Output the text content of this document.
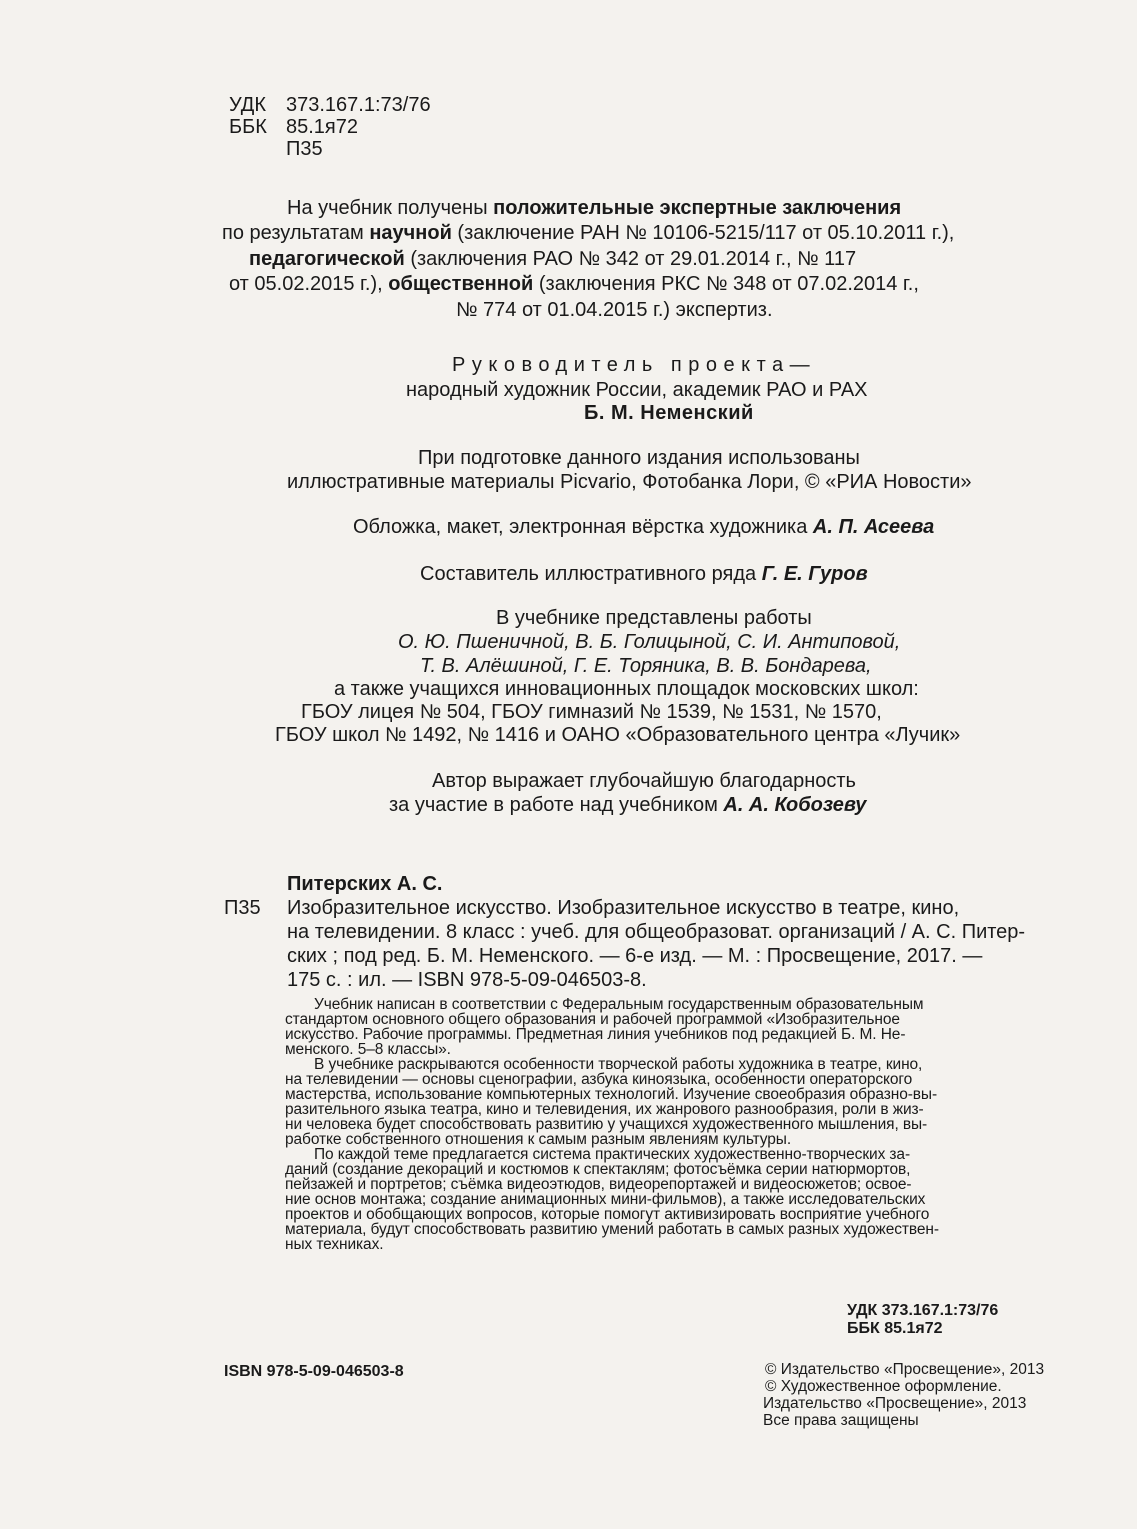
УДК 373.167.1:73/76
ББК 85.1я72
П35
На учебник получены положительные экспертные заключения
по результатам научной (заключение РАН № 10106-5215/117 от 05.10.2011 г.),
педагогической (заключения РАО № 342 от 29.01.2014 г., № 117
от 05.02.2015 г.), общественной (заключения РКС № 348 от 07.02.2014 г.,
№ 774 от 01.04.2015 г.) экспертиз.
Руководитель проекта—
народный художник России, академик РАО и РАХ
Б. М. Неменский
При подготовке данного издания использованы
иллюстративные материалы Picvario, Фотобанка Лори, © «РИА Новости»
Обложка, макет, электронная вёрстка художника А. П. Асеева
Составитель иллюстративного ряда Г. Е. Гуров
В учебнике представлены работы
О. Ю. Пшеничной, В. Б. Голицыной, С. И. Антиповой,
Т. В. Алёшиной, Г. Е. Торяника, В. В. Бондарева,
а также учащихся инновационных площадок московских школ:
ГБОУ лицея № 504, ГБОУ гимназий № 1539, № 1531, № 1570,
ГБОУ школ № 1492, № 1416 и ОАНО «Образовательного центра «Лучик»
Автор выражает глубочайшую благодарность
за участие в работе над учебником А. А. Кобозеву
Питерских А. С.
П35 Изобразительное искусство. Изобразительное искусство в театре, кино,
на телевидении. 8 класс : учеб. для общеобразоват. организаций / А. С. Питер-
ских ; под ред. Б. М. Неменского. — 6-е изд. — М. : Просвещение, 2017. —
175 с. : ил. — ISBN 978-5-09-046503-8.
Учебник написан в соответствии с Федеральным государственным образовательным
стандартом основного общего образования и рабочей программой «Изобразительное
искусство. Рабочие программы. Предметная линия учебников под редакцией Б. М. Не-
менского. 5–8 классы».
В учебнике раскрываются особенности творческой работы художника в театре, кино,
на телевидении — основы сценографии, азбука киноязыка, особенности операторского
мастерства, использование компьютерных технологий. Изучение своеобразия образно-вы-
разительного языка театра, кино и телевидения, их жанрового разнообразия, роли в жиз-
ни человека будет способствовать развитию у учащихся художественного мышления, вы-
работке собственного отношения к самым разным явлениям культуры.
По каждой теме предлагается система практических художественно-творческих за-
даний (создание декораций и костюмов к спектаклям; фотосъёмка серии натюрмортов,
пейзажей и портретов; съёмка видеоэтюдов, видеорепортажей и видеосюжетов; освое-
ние основ монтажа; создание анимационных мини-фильмов), а также исследовательских
проектов и обобщающих вопросов, которые помогут активизировать восприятие учебного
материала, будут способствовать развитию умений работать в самых разных художествен-
ных техниках.
УДК 373.167.1:73/76
ББК 85.1я72
ISBN 978-5-09-046503-8	© Издательство «Просвещение», 2013
© Художественное оформление.
Издательство «Просвещение», 2013
Все права защищены
